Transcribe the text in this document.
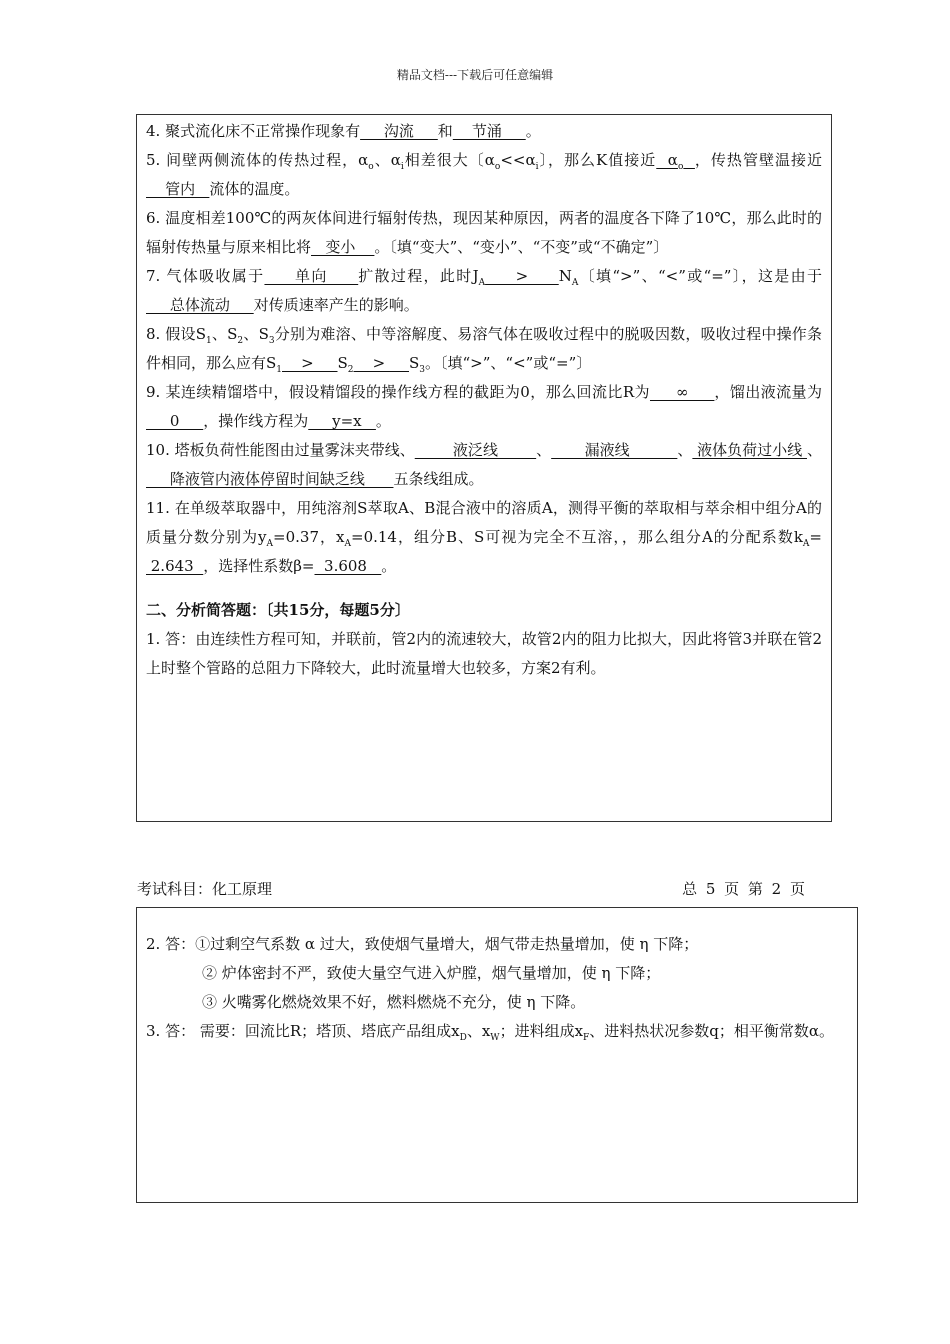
精品文档---下载后可任意编辑

4. 聚式流化床不正常操作现象有     沟流     和    节涌     。

5. 间壁两侧流体的传热过程，$\alpha_o$、$\alpha_i$相差很大〔$\alpha_o<<\alpha_i$〕，那么K值接近  $\alpha_o$ ，传热管壁温接近    管内   流体的温度。

6. 温度相差100℃的两灰体间进行辐射传热，现因某种原因，两者的温度各下降了10℃，那么此时的辐射传热量与原来相比将   变小    。〔填“变大”、“变小”、“不变”或“不确定”〕

7. 气体吸收属于     单向     扩散过程，此时$J_A$     >     $N_A$〔填“>”、“<”或“=”〕，这是由于     总体流动     对传质速率产生的影响。

8. 假设$S_1$、$S_2$、$S_3$分别为难溶、中等溶解度、易溶气体在吸收过程中的脱吸因数，吸收过程中操作条件相同，那么应有$S_1$    >     $S_2$    >     $S_3$。〔填“>”、“<”或“=”〕

9. 某连续精馏塔中，假设精馏段的操作线方程的截距为0，那么回流比R为     ∞     ，馏出液流量为     0     ，操作线方程为     y=x   。

10. 塔板负荷性能图由过量雾沫夹带线、        液泛线        、       漏液线          、 液体负荷过小线 、     降液管内液体停留时间缺乏线      五条线组成。

11. 在单级萃取器中，用纯溶剂S萃取A、B混合液中的溶质A，测得平衡的萃取相与萃余相中组分A的质量分数分别为$y_A=0.37$，$x_A=0.14$，组分B、S可视为完全不互溶，，那么组分A的分配系数$k_A= 2.643$  ，选择性系数β=  3.608   。

二、分析简答题：〔共15分，每题5分〕

1. 答：由连续性方程可知，并联前，管2内的流速较大，故管2内的阻力比拟大，因此将管3并联在管2上时整个管路的总阻力下降较大，此时流量增大也较多，方案2有利。

考试科目：化工原理	总 5 页 第 2 页

2. 答：①过剩空气系数 α 过大，致使烟气量增大，烟气带走热量增加，使 η 下降；

② 炉体密封不严，致使大量空气进入炉膛，烟气量增加，使 η 下降；

③ 火嘴雾化燃烧效果不好，燃料燃烧不充分，使 η 下降。

3. 答： 需要：回流比R；塔顶、塔底产品组成$x_D$、$x_W$；进料组成$x_F$、进料热状况参数q；相平衡常数α。
